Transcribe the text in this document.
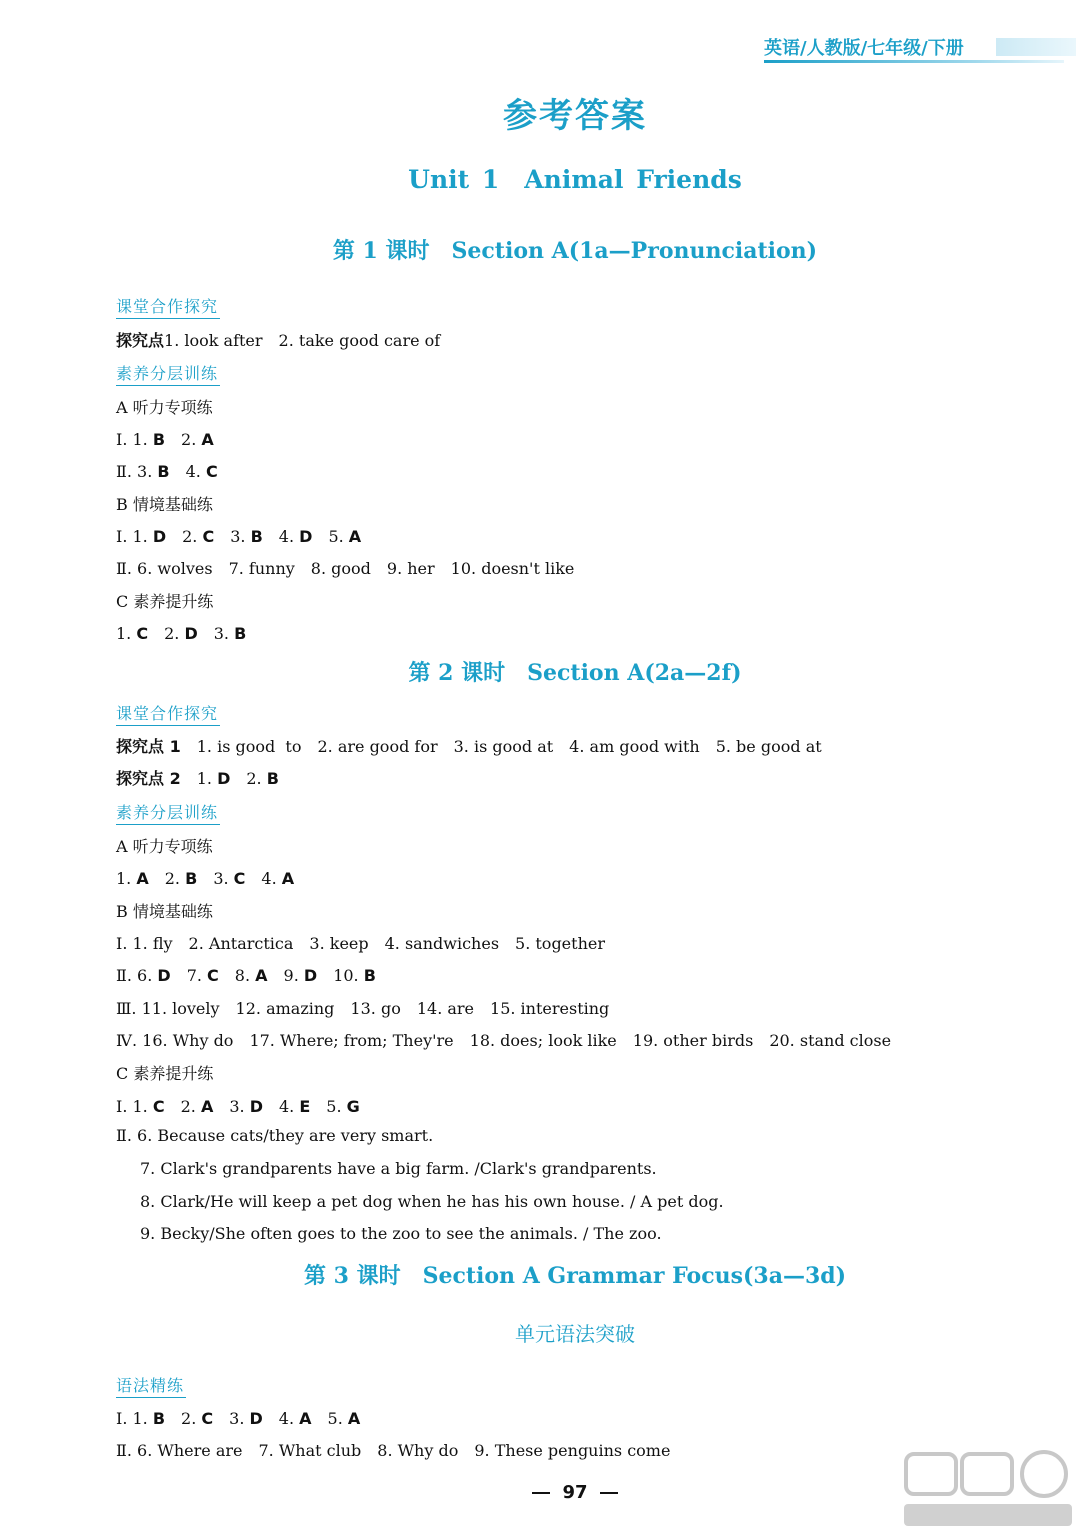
英语/人教版/七年级/下册
参考答案
Unit 1　Animal Friends
第 1 课时　Section A(1a—Pronunciation)
课堂合作探究
探究点1. look after　2. take good care of
素养分层训练
A 听力专项练
Ⅰ. 1. B　2. A
Ⅱ. 3. B　4. C
B 情境基础练
Ⅰ. 1. D　2. C　3. B　4. D　5. A
Ⅱ. 6. wolves　7. funny　8. good　9. her　10. doesn't like
C 素养提升练
1. C　2. D　3. B
第 2 课时　Section A(2a—2f)
课堂合作探究
探究点 1　1. is good  to　2. are good for　3. is good at　4. am good with　5. be good at
探究点 2　1. D　2. B
素养分层训练
A 听力专项练
1. A　2. B　3. C　4. A
B 情境基础练
Ⅰ. 1. fly　2. Antarctica　3. keep　4. sandwiches　5. together
Ⅱ. 6. D　7. C　8. A　9. D　10. B
Ⅲ. 11. lovely　12. amazing　13. go　14. are　15. interesting
Ⅳ. 16. Why do　17. Where; from; They're　18. does; look like　19. other birds　20. stand close
C 素养提升练
Ⅰ. 1. C　2. A　3. D　4. E　5. G
Ⅱ. 6. Because cats/they are very smart.
7. Clark's grandparents have a big farm. /Clark's grandparents.
8. Clark/He will keep a pet dog when he has his own house. / A pet dog.
9. Becky/She often goes to the zoo to see the animals. / The zoo.
第 3 课时　Section A Grammar Focus(3a—3d)
单元语法突破
语法精练
Ⅰ. 1. B　2. C　3. D　4. A　5. A
Ⅱ. 6. Where are　7. What club　8. Why do　9. These penguins come
97
